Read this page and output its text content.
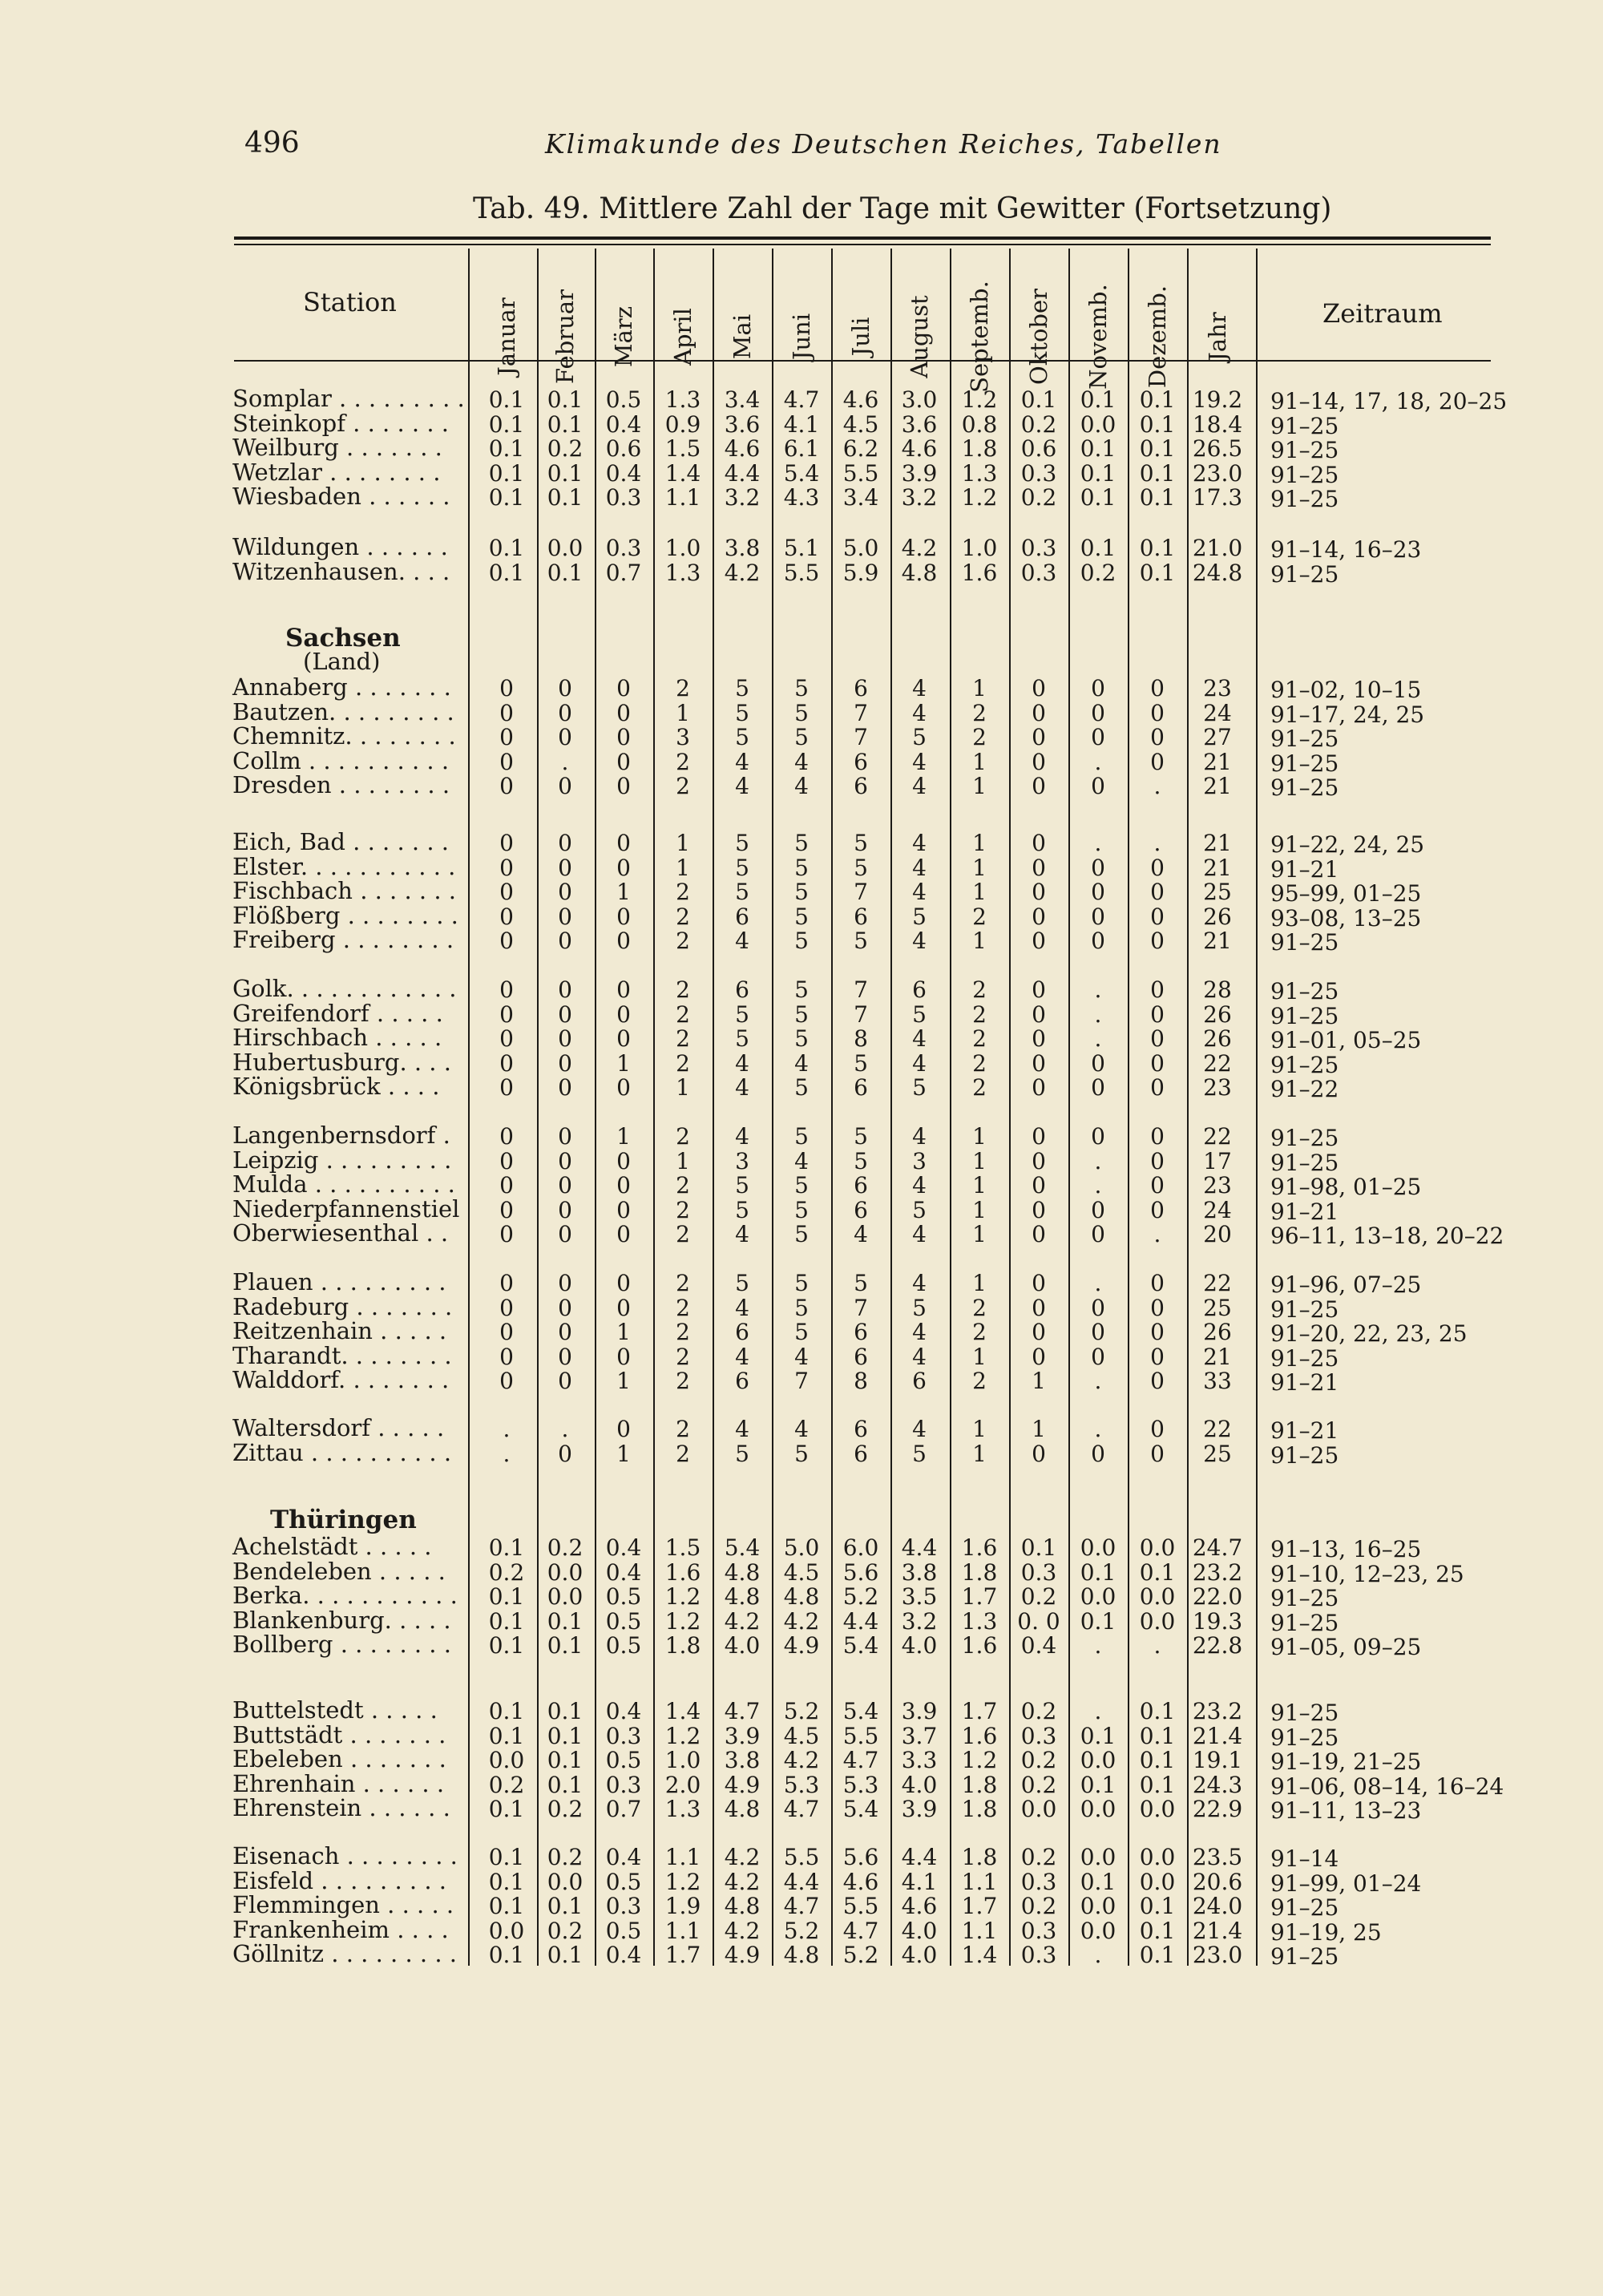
496	Klimakunde des Deutschen Reiches, Tabellen
Tab. 49. Mittlere Zahl der Tage mit Gewitter (Fortsetzung)
Station	Zeitraum
Januar Februar März April Mai Juni Juli August Septemb. Oktober Novemb. Dezemb. Jahr
Somplar . . . . . . . . . 0.1 0.1 0.5 1.3 3.4 4.7 4.6 3.0 1.2 0.1 0.1 0.1 19.2 91–14, 17, 18, 20–25
Steinkopf . . . . . . . 0.1 0.1 0.4 0.9 3.6 4.1 4.5 3.6 0.8 0.2 0.0 0.1 18.4 91–25
Weilburg . . . . . . . 0.1 0.2 0.6 1.5 4.6 6.1 6.2 4.6 1.8 0.6 0.1 0.1 26.5 91–25
Wetzlar . . . . . . . . 0.1 0.1 0.4 1.4 4.4 5.4 5.5 3.9 1.3 0.3 0.1 0.1 23.0 91–25
Wiesbaden . . . . . . 0.1 0.1 0.3 1.1 3.2 4.3 3.4 3.2 1.2 0.2 0.1 0.1 17.3 91–25
Wildungen . . . . . . 0.1 0.0 0.3 1.0 3.8 5.1 5.0 4.2 1.0 0.3 0.1 0.1 21.0 91–14, 16–23
Witzenhausen. . . . 0.1 0.1 0.7 1.3 4.2 5.5 5.9 4.8 1.6 0.3 0.2 0.1 24.8 91–25
Sachsen
(Land)
Annaberg . . . . . . . 0 0 0 2 5 5 6 4 1 0 0 0 23 91–02, 10–15
Bautzen. . . . . . . . . 0 0 0 1 5 5 7 4 2 0 0 0 24 91–17, 24, 25
Chemnitz. . . . . . . . 0 0 0 3 5 5 7 5 2 0 0 0 27 91–25
Collm . . . . . . . . . . 0 . 0 2 4 4 6 4 1 0 . 0 21 91–25
Dresden . . . . . . . . 0 0 0 2 4 4 6 4 1 0 0 . 21 91–25
Eich, Bad . . . . . . . 0 0 0 1 5 5 5 4 1 0 . . 21 91–22, 24, 25
Elster. . . . . . . . . . . 0 0 0 1 5 5 5 4 1 0 0 0 21 91–21
Fischbach . . . . . . . 0 0 1 2 5 5 7 4 1 0 0 0 25 95–99, 01–25
Flößberg . . . . . . . . 0 0 0 2 6 5 6 5 2 0 0 0 26 93–08, 13–25
Freiberg . . . . . . . . 0 0 0 2 4 5 5 4 1 0 0 0 21 91–25
Golk. . . . . . . . . . . . 0 0 0 2 6 5 7 6 2 0 . 0 28 91–25
Greifendorf . . . . .	0 0 0 2 5 5 7 5 2 0 . 0 26 91–25
Hirschbach . . . . .	0 0 0 2 5 5 8 4 2 0 . 0 26 91–01, 05–25
Hubertusburg. . . . 0 0 1 2 4 4 5 4 2 0 0 0 22 91–25
Königsbrück . . . .	0 0 0 1 4 5 6 5 2 0 0 0 23 91–22
Langenbernsdorf . 0 0 1 2 4 5 5 4 1 0 0 0 22 91–25
Leipzig . . . . . . . . . 0 0 0 1 3 4 5 3 1 0 . 0 17 91–25
Mulda . . . . . . . . . . 0 0 0 2 5 5 6 4 1 0 . 0 23 91–98, 01–25
Niederpfannenstiel 0 0 0 2 5 5 6 5 1 0 0 0 24 91–21
Oberwiesenthal . . 0 0 0 2 4 5 4 4 1 0 0 . 20 96–11, 13–18, 20–22
Plauen . . . . . . . . . 0 0 0 2 5 5 5 4 1 0 . 0 22 91–96, 07–25
Radeburg . . . . . . . 0 0 0 2 4 5 7 5 2 0 0 0 25 91–25
Reitzenhain . . . . . 0 0 1 2 6 5 6 4 2 0 0 0 26 91–20, 22, 23, 25
Tharandt. . . . . . . . 0 0 0 2 4 4 6 4 1 0 0 0 21 91–25
Walddorf. . . . . . . . 0 0 1 2 6 7 8 6 2 1 . 0 33 91–21
Waltersdorf . . . . .	. . 0 2 4 4 6 4 1 1 . 0 22 91–21
Zittau . . . . . . . . . . . 0 1 2 5 5 6 5 1 0 0 0 25 91–25
Thüringen
Achelstädt . . . . .	0.1 0.2 0.4 1.5 5.4 5.0 6.0 4.4 1.6 0.1 0.0 0.0 24.7 91–13, 16–25
Bendeleben . . . . . 0.2 0.0 0.4 1.6 4.8 4.5 5.6 3.8 1.8 0.3 0.1 0.1 23.2 91–10, 12–23, 25
Berka. . . . . . . . . . . 0.1 0.0 0.5 1.2 4.8 4.8 5.2 3.5 1.7 0.2 0.0 0.0 22.0 91–25
Blankenburg. . . . . 0.1 0.1 0.5 1.2 4.2 4.2 4.4 3.2 1.3 0. 0 0.1 0.0 19.3 91–25
Bollberg . . . . . . . . 0.1 0.1 0.5 1.8 4.0 4.9 5.4 4.0 1.6 0.4 . . 22.8 91–05, 09–25
Buttelstedt . . . . . 0.1 0.1 0.4 1.4 4.7 5.2 5.4 3.9 1.7 0.2 . 0.1 23.2 91–25
Buttstädt . . . . . . . 0.1 0.1 0.3 1.2 3.9 4.5 5.5 3.7 1.6 0.3 0.1 0.1 21.4 91–25
Ebeleben . . . . . . . 0.0 0.1 0.5 1.0 3.8 4.2 4.7 3.3 1.2 0.2 0.0 0.1 19.1 91–19, 21–25
Ehrenhain . . . . . . 0.2 0.1 0.3 2.0 4.9 5.3 5.3 4.0 1.8 0.2 0.1 0.1 24.3 91–06, 08–14, 16–24
Ehrenstein . . . . . . 0.1 0.2 0.7 1.3 4.8 4.7 5.4 3.9 1.8 0.0 0.0 0.0 22.9 91–11, 13–23
Eisenach . . . . . . . . 0.1 0.2 0.4 1.1 4.2 5.5 5.6 4.4 1.8 0.2 0.0 0.0 23.5 91–14
Eisfeld . . . . . . . . . 0.1 0.0 0.5 1.2 4.2 4.4 4.6 4.1 1.1 0.3 0.1 0.0 20.6 91–99, 01–24
Flemmingen . . . . . 0.1 0.1 0.3 1.9 4.8 4.7 5.5 4.6 1.7 0.2 0.0 0.1 24.0 91–25
Frankenheim . . . . 0.0 0.2 0.5 1.1 4.2 5.2 4.7 4.0 1.1 0.3 0.0 0.1 21.4 91–19, 25
Göllnitz . . . . . . . . . 0.1 0.1 0.4 1.7 4.9 4.8 5.2 4.0 1.4 0.3 . 0.1 23.0 91–25
